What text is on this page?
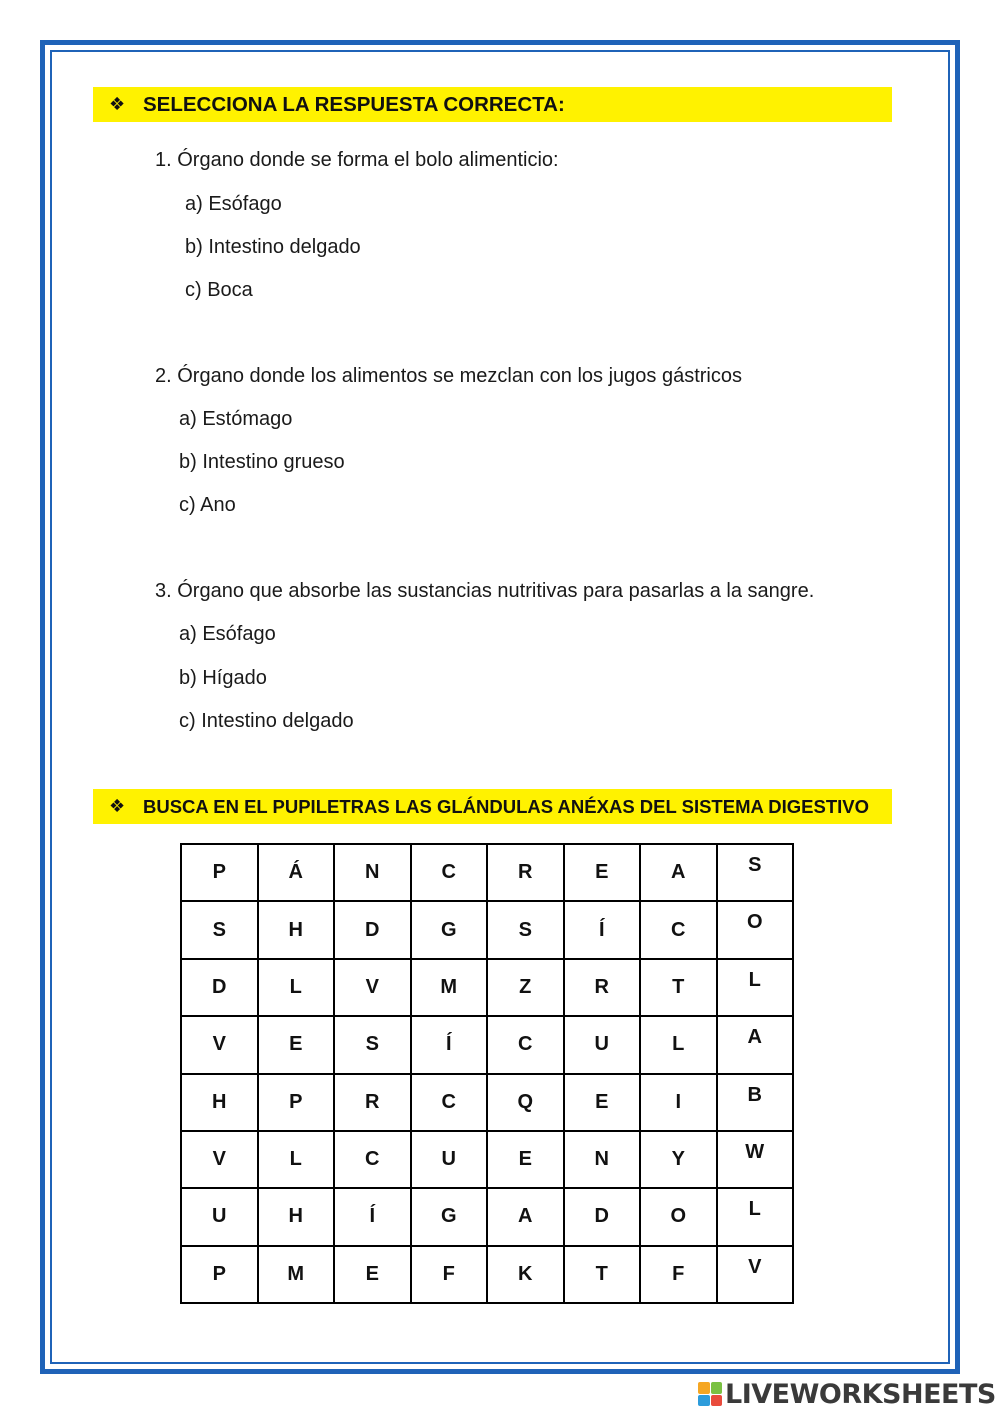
❖ SELECCIONA LA RESPUESTA CORRECTA:
1. Órgano donde se forma el bolo alimenticio:
a) Esófago
b) Intestino delgado
c) Boca
2. Órgano donde los alimentos se mezclan con los jugos gástricos
a) Estómago
b) Intestino grueso
c) Ano
3. Órgano que absorbe las sustancias nutritivas para pasarlas a la sangre.
a) Esófago
b) Hígado
c) Intestino delgado
❖ BUSCA EN EL PUPILETRAS LAS GLÁNDULAS ANÉXAS DEL SISTEMA DIGESTIVO
P	Á	N	C	R	E	A	S
S	H	D	G	S	Í	C	O
D	L	V	M	Z	R	T	L
V	E	S	Í	C	U	L	A
H	P	R	C	Q	E	I	B
V	L	C	U	E	N	Y	W
U	H	Í	G	A	D	O	L
P	M	E	F	K	T	F	V
LIVEWORKSHEETS
